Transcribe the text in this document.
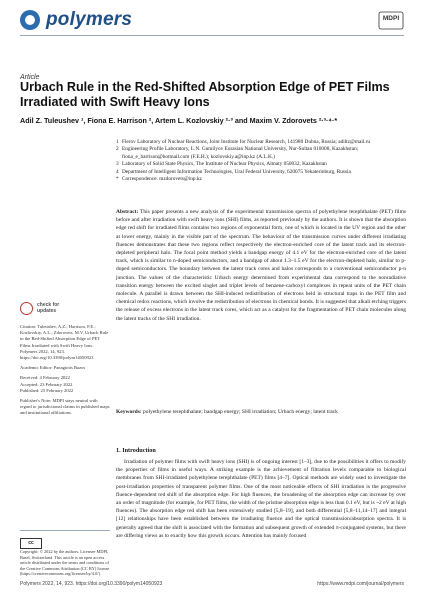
polymers	MDPI
Article
Urbach Rule in the Red-Shifted Absorption Edge of PET Films Irradiated with Swift Heavy Ions
Adil Z. Tuleushev ¹, Fiona E. Harrison ², Artem L. Kozlovskiy ²·³ and Maxim V. Zdorovets ²·³·⁴·*
1 Flerov Laboratory of Nuclear Reactions, Joint Institute for Nuclear Research, 141980 Dubna, Russia; adiltz@mail.ru
2 Engineering Profile Laboratory, L.N. Gumilyov Eurasian National University, Nur-Sultan 010008, Kazakhstan; fiona_e_harrison@hotmail.com (F.E.H.); kozlovskiy.a@inp.kz (A.L.K.)
3 Laboratory of Solid State Physics, The Institute of Nuclear Physics, Almaty 050032, Kazakhstan
4 Department of Intelligent Information Technologies, Ural Federal University, 620075 Yekaterinburg, Russia
* Correspondence: mzdorovets@inp.kz
Abstract: This paper presents a new analysis of the experimental transmission spectra of polyethylene terephthalate (PET) films before and after irradiation with swift heavy ions (SHI) films, as reported previously by the authors. It is shown that the absorption edge red shift for irradiated films contains two regions of exponential form, one of which is located in the UV region and the other at lower energy, mainly in the visible part of the spectrum. The behaviour of the transmission curves under different irradiating fluences demonstrates that these two regions reflect respectively the electron-enriched core of the latent track and its electron-depleted peripheral halo. The focal point method yields a bandgap energy of 4.1 eV for the electron-enriched core of the latent track, which is similar to n-doped semiconductors, and a bandgap of about 1.3–1.5 eV for the electron-depleted halo, similar to p-doped semiconductors. The boundary between the latent track cores and halos corresponds to a conventional semiconductor p-n junction. The values of the characteristic Urbach energy determined from experimental data correspond to the nonradiative transition energy between the excited singlet and triplet levels of benzene-carboxyl complexes in repeat units of the PET chain molecule. A parallel is drawn between the SHI-induced redistribution of electrons held in structural traps in the PET film and chemical redox reactions, which involve the redistribution of electrons in chemical bonds. It is suggested that alkali etching triggers the release of excess electrons in the latent track cores, which act as a catalyst for the fragmentation of PET chain molecules along the latent tracks of the SHI irradiation.
Keywords: polyethylene terephthalate; bandgap energy; SHI irradiation; Urbach energy; latent track
check for updates
Citation: Tuleushev, A.Z.; Harrison, F.E.; Kozlovskiy, A.L.; Zdorovets, M.V. Urbach Rule in the Red-Shifted Absorption Edge of PET Films Irradiated with Swift Heavy Ions. Polymers 2022, 14, 923. https://doi.org/10.3390/polym14050923
Academic Editor: Panagiotis Bazos
Received: 4 February 2022
Accepted: 23 February 2022
Published: 25 February 2022
Publisher's Note: MDPI stays neutral with regard to jurisdictional claims in published maps and institutional affiliations.
cc
Copyright: © 2022 by the authors. Licensee MDPI, Basel, Switzerland. This article is an open access article distributed under the terms and conditions of the Creative Commons Attribution (CC BY) license (https://creativecommons.org/licenses/by/4.0/).
1. Introduction
Irradiation of polymer films with swift heavy ions (SHI) is of ongoing interest [1–3], due to the possibilities it offers to modify the properties of films in useful ways. A striking example is the achievement of filtration levels comparable to biological membranes from SHI-irradiated polyethylene terephthalate (PET) films [4–7]. Optical methods are widely used to investigate the post-irradiation properties of transparent polymer films. One of the most noticeable effects of SHI irradiation is the progressive fluence-dependent red shift of the absorption edge. For high fluences, the broadening of the absorption edge can increase by over an order of magnitude (for example, for PET films, the width of the pristine absorption edge is less than 0.1 eV, but is ~2 eV at high fluences). The absorption edge red shift has been extensively studied [5,8–19], and both differential [5,8–11,14–17] and integral [12] relationships have been established between the irradiating fluence and the optical transmission/absorption spectra. It is generally agreed that the shift is associated with the formation and subsequent growth of extended π-conjugated systems, but there are differing views as to exactly how this growth occurs. Attention has mainly focused
Polymers 2022, 14, 923. https://doi.org/10.3390/polym14050923	https://www.mdpi.com/journal/polymers
